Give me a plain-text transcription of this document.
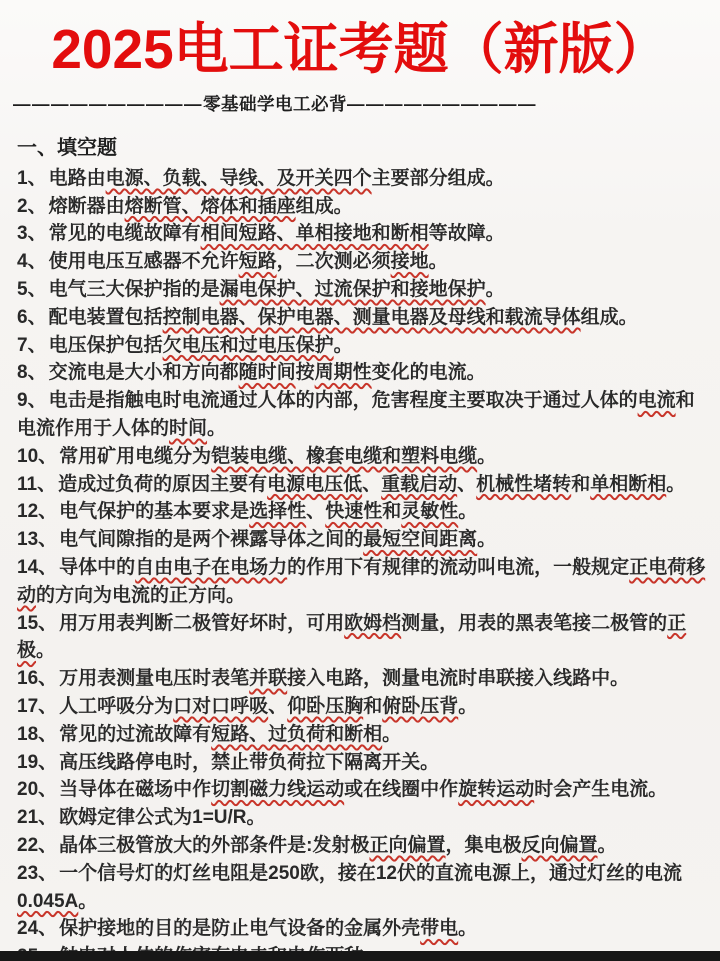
2025电工证考题（新版）
——————————零基础学电工必背——————————
一、填空题
1、 电路由电源、负载、导线、及开关四个主要部分组成。
2、 熔断器由熔断管、熔体和插座组成。
3、 常见的电缆故障有相间短路、单相接地和断相等故障。
4、 使用电压互感器不允许短路，二次测必须接地。
5、 电气三大保护指的是漏电保护、过流保护和接地保护。
6、 配电装置包括控制电器、保护电器、测量电器及母线和载流导体组成。
7、 电压保护包括欠电压和过电压保护。
8、 交流电是大小和方向都随时间按周期性变化的电流。
9、 电击是指触电时电流通过人体的内部，危害程度主要取决于通过人体的电流和电流作用于人体的时间。
10、 常用矿用电缆分为铠装电缆、橡套电缆和塑料电缆。
11、 造成过负荷的原因主要有电源电压低、重载启动、机械性堵转和单相断相。
12、 电气保护的基本要求是选择性、快速性和灵敏性。
13、 电气间隙指的是两个裸露导体之间的最短空间距离。
14、 导体中的自由电子在电场力的作用下有规律的流动叫电流，一般规定正电荷移动的方向为电流的正方向。
15、 用万用表判断二极管好坏时，可用欧姆档测量，用表的黑表笔接二极管的正极。
16、 万用表测量电压时表笔并联接入电路，测量电流时串联接入线路中。
17、 人工呼吸分为口对口呼吸、仰卧压胸和俯卧压背。
18、 常见的过流故障有短路、过负荷和断相。
19、 高压线路停电时，禁止带负荷拉下隔离开关。
20、 当导体在磁场中作切割磁力线运动或在线圈中作旋转运动时会产生电流。
21、 欧姆定律公式为1=U/R。
22、 晶体三极管放大的外部条件是:发射极正向偏置，集电极反向偏置。
23、 一个信号灯的灯丝电阻是250欧，接在12伏的直流电源上，通过灯丝的电流0.045A。
24、 保护接地的目的是防止电气设备的金属外壳带电。
